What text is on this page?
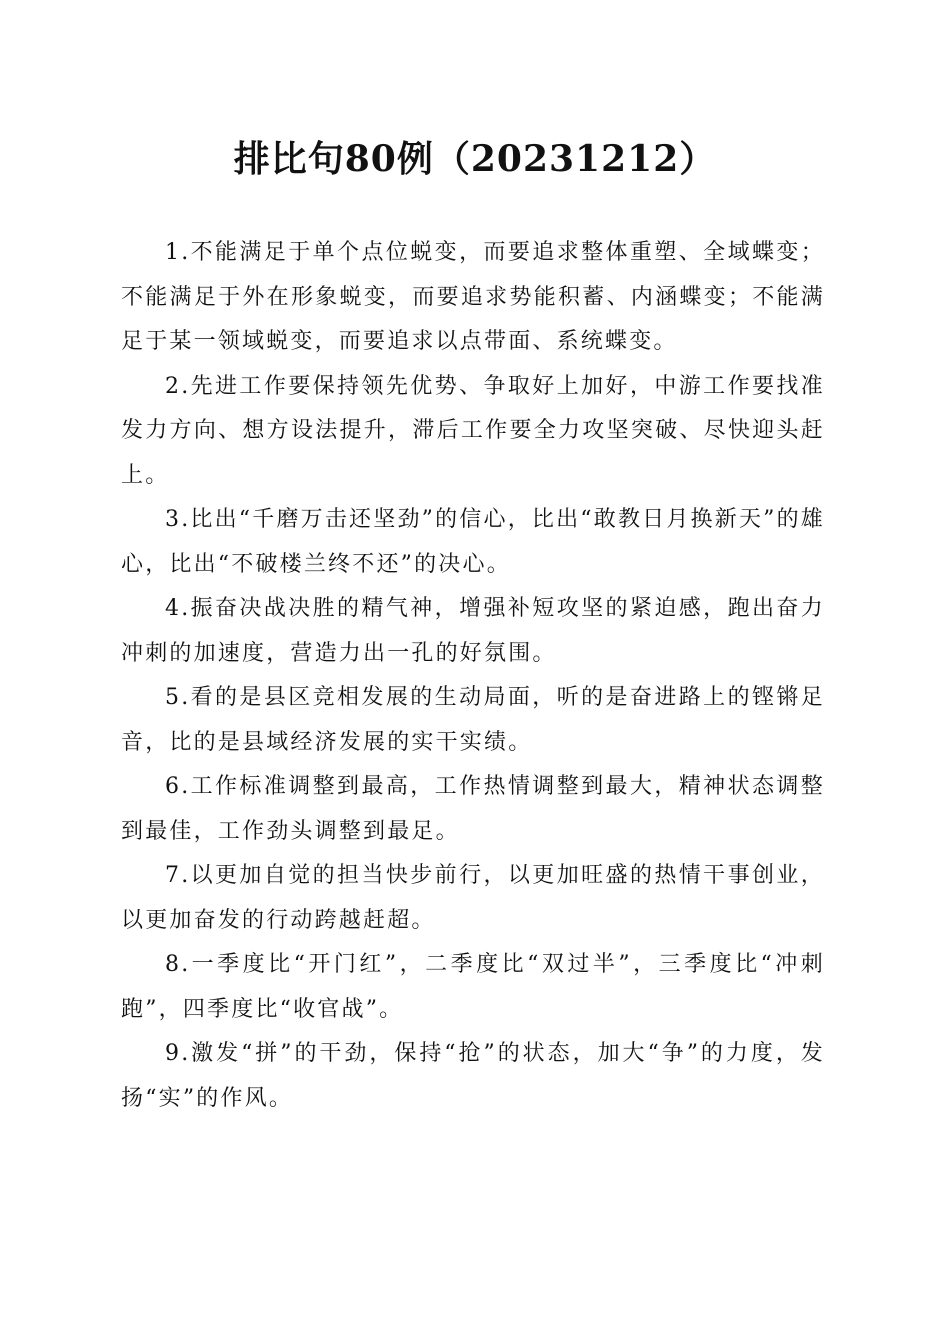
排比句80例（20231212）

1.不能满足于单个点位蜕变，而要追求整体重塑、全域蝶变；不能满足于外在形象蜕变，而要追求势能积蓄、内涵蝶变；不能满足于某一领域蜕变，而要追求以点带面、系统蝶变。

2.先进工作要保持领先优势、争取好上加好，中游工作要找准发力方向、想方设法提升，滞后工作要全力攻坚突破、尽快迎头赶上。

3.比出“千磨万击还坚劲”的信心，比出“敢教日月换新天”的雄心，比出“不破楼兰终不还”的决心。

4.振奋决战决胜的精气神，增强补短攻坚的紧迫感，跑出奋力冲刺的加速度，营造力出一孔的好氛围。

5.看的是县区竞相发展的生动局面，听的是奋进路上的铿锵足音，比的是县域经济发展的实干实绩。

6.工作标准调整到最高，工作热情调整到最大，精神状态调整到最佳，工作劲头调整到最足。

7.以更加自觉的担当快步前行，以更加旺盛的热情干事创业，以更加奋发的行动跨越赶超。

8.一季度比“开门红”，二季度比“双过半”，三季度比“冲刺跑”，四季度比“收官战”。

9.激发“拼”的干劲，保持“抢”的状态，加大“争”的力度，发扬“实”的作风。
